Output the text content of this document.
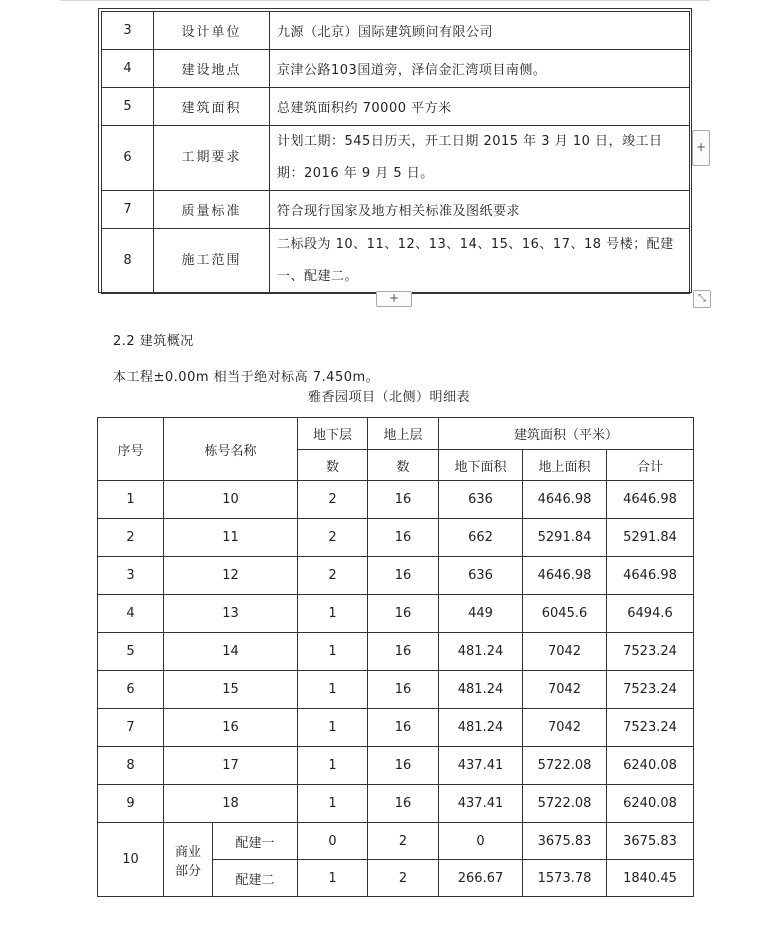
3	设计单位	九源（北京）国际建筑顾问有限公司
4	建设地点	京津公路103国道旁，泽信金汇湾项目南侧。
5	建筑面积	总建筑面积约 70000 平方米
6	工期要求	计划工期：545日历天，开工日期 2015 年 3 月 10 日，竣工日期：2016 年 9 月 5 日。
7	质量标准	符合现行国家及地方相关标准及图纸要求
8	施工范围	二标段为 10、11、12、13、14、15、16、17、18 号楼；配建一、配建二。
+
+	⤡
2.2 建筑概况
本工程±0.00m 相当于绝对标高 7.450m。
雅香园项目（北侧）明细表
序号	栋号名称		地下层	地上层	建筑面积（平米）		
			数	数	地下面积	地上面积	合计
1	10		2	16	636	4646.98	4646.98
2	11		2	16	662	5291.84	5291.84
3	12		2	16	636	4646.98	4646.98
4	13		1	16	449	6045.6	6494.6
5	14		1	16	481.24	7042	7523.24
6	15		1	16	481.24	7042	7523.24
7	16		1	16	481.24	7042	7523.24
8	17		1	16	437.41	5722.08	6240.08
9	18		1	16	437.41	5722.08	6240.08
10	商业
部分	配建一	0	2	0	3675.83	3675.83
		配建二	1	2	266.67	1573.78	1840.45
